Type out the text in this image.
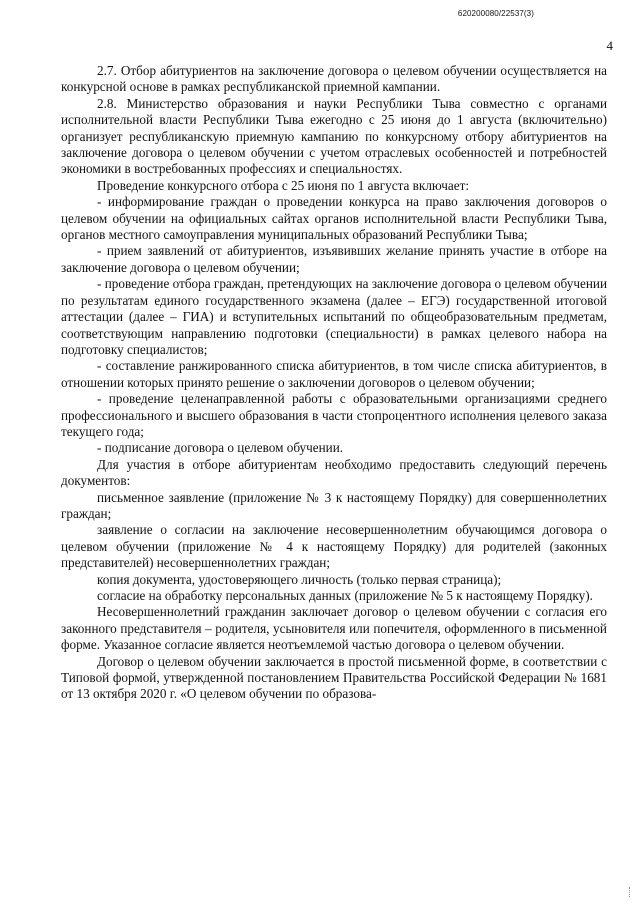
620200080/22537(3)
4

2.7. Отбор абитуриентов на заключение договора о целевом обучении осуществляется на конкурсной основе в рамках республиканской приемной кампании.

2.8. Министерство образования и науки Республики Тыва совместно с органами исполнительной власти Республики Тыва ежегодно с 25 июня до 1 августа (включительно) организует республиканскую приемную кампанию по конкурсному отбору абитуриентов на заключение договора о целевом обучении с учетом отраслевых особенностей и потребностей экономики в востребованных профессиях и специальностях.

Проведение конкурсного отбора с 25 июня по 1 августа включает:

- информирование граждан о проведении конкурса на право заключения договоров о целевом обучении на официальных сайтах органов исполнительной власти Республики Тыва, органов местного самоуправления муниципальных образований Республики Тыва;

- прием заявлений от абитуриентов, изъявивших желание принять участие в отборе на заключение договора о целевом обучении;

- проведение отбора граждан, претендующих на заключение договора о целевом обучении по результатам единого государственного экзамена (далее – ЕГЭ) государственной итоговой аттестации (далее – ГИА) и вступительных испытаний по общеобразовательным предметам, соответствующим направлению подготовки (специальности) в рамках целевого набора на подготовку специалистов;

- составление ранжированного списка абитуриентов, в том числе списка абитуриентов, в отношении которых принято решение о заключении договоров о целевом обучении;

- проведение целенаправленной работы с образовательными организациями среднего профессионального и высшего образования в части стопроцентного исполнения целевого заказа текущего года;

- подписание договора о целевом обучении.

Для участия в отборе абитуриентам необходимо предоставить следующий перечень документов:

письменное заявление (приложение № 3 к настоящему Порядку) для совершеннолетних граждан;

заявление о согласии на заключение несовершеннолетним обучающимся договора о целевом обучении (приложение № 4 к настоящему Порядку) для родителей (законных представителей) несовершеннолетних граждан;

копия документа, удостоверяющего личность (только первая страница);

согласие на обработку персональных данных (приложение № 5 к настоящему Порядку).

Несовершеннолетний гражданин заключает договор о целевом обучении с согласия его законного представителя – родителя, усыновителя или попечителя, оформленного в письменной форме. Указанное согласие является неотъемлемой частью договора о целевом обучении.

Договор о целевом обучении заключается в простой письменной форме, в соответствии с Типовой формой, утвержденной постановлением Правительства Российской Федерации № 1681 от 13 октября 2020 г. «О целевом обучении по образова-
